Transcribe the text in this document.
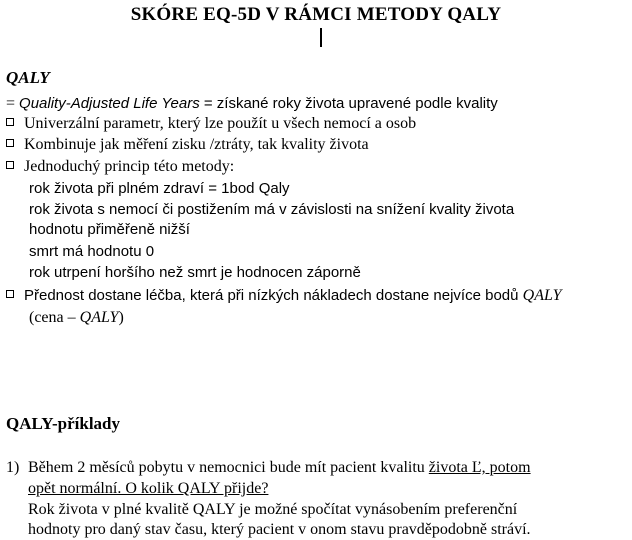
SKÓRE EQ-5D V RÁMCI METODY QALY
QALY
= Quality-Adjusted Life Years = získané roky života upravené podle kvality
Univerzální parametr, který lze použít u všech nemocí a osob
Kombinuje jak měření zisku /ztráty, tak kvality života
Jednoduchý princip této metody:
rok života při plném zdraví = 1bod Qaly
rok života s nemocí či postižením má v závislosti na snížení kvality života
hodnotu přiměřeně nižší
smrt má hodnotu 0
rok utrpení horšího než smrt je hodnocen záporně
Přednost dostane léčba, která při nízkých nákladech dostane nejvíce bodů QALY
(cena – QALY)
QALY-příklady
1) Během 2 měsíců pobytu v nemocnici bude mít pacient kvalitu života Ľ, potom
opět normální. O kolik QALY přijde?
Rok života v plné kvalitě QALY je možné spočítat vynásobením preferenční
hodnoty pro daný stav času, který pacient v onom stavu pravděpodobně stráví.
